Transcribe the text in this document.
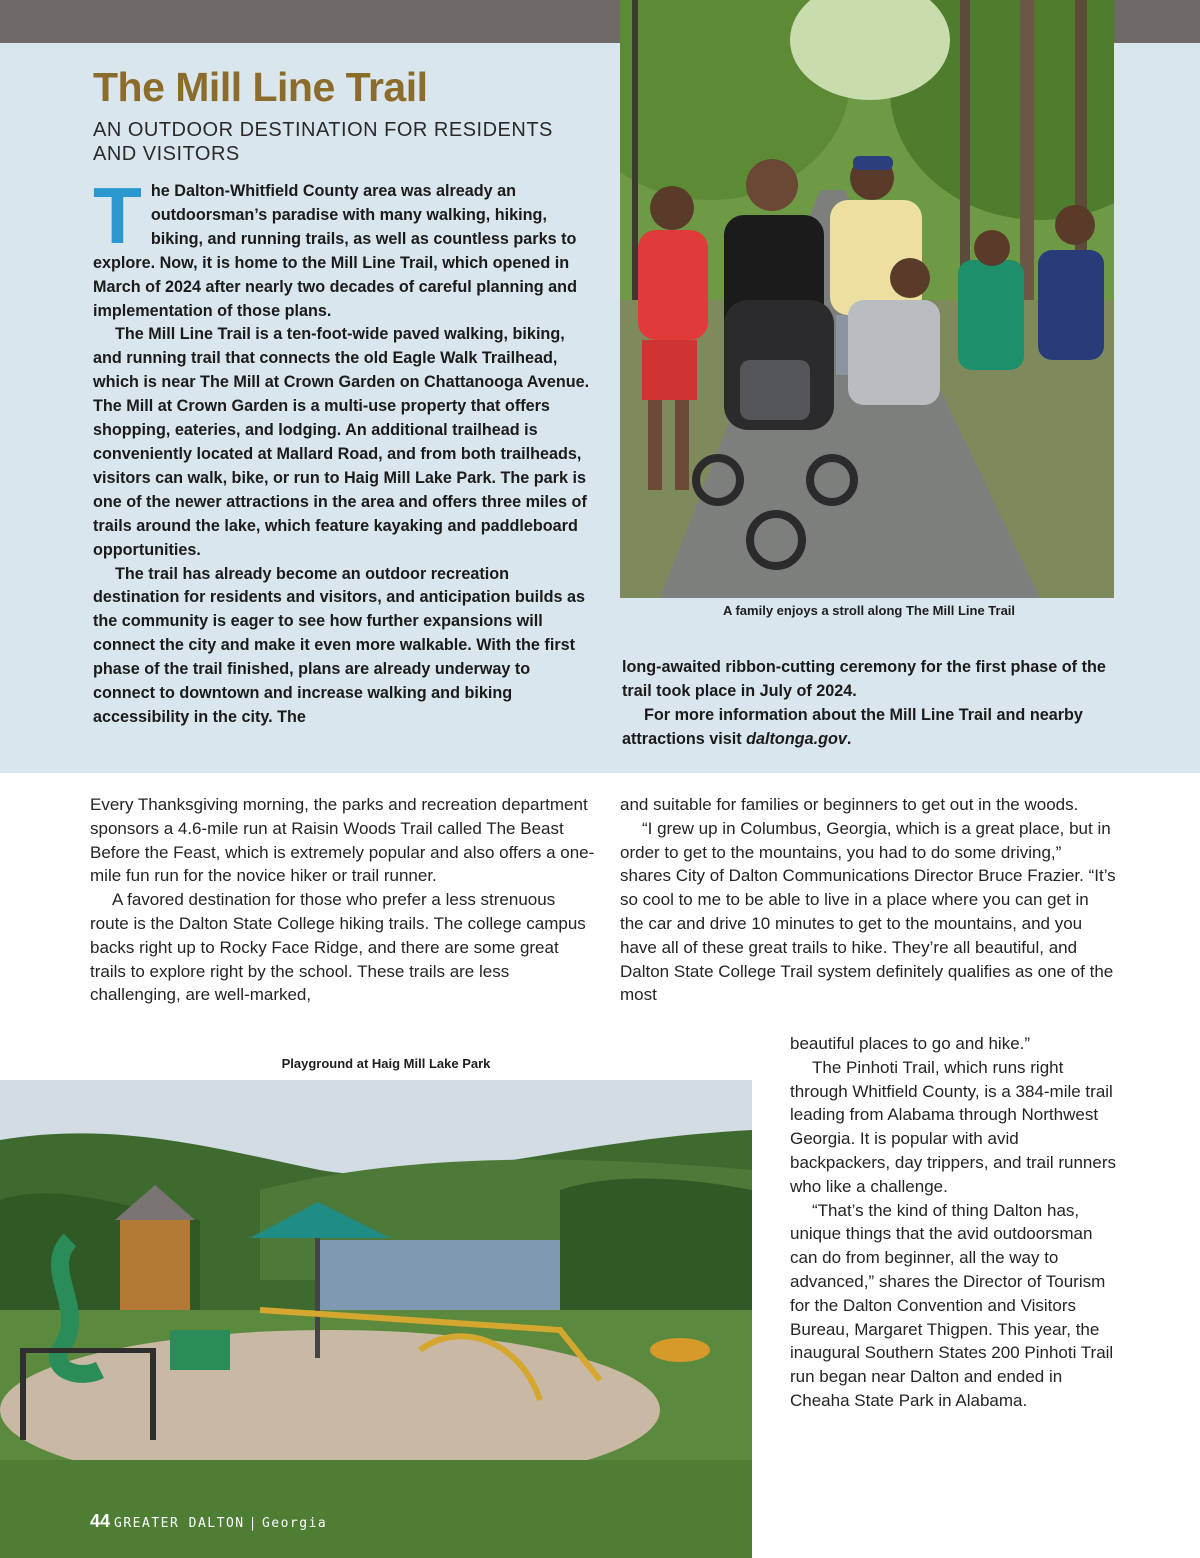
A family enjoys a stroll along The Mill Line Trail
The Mill Line Trail
AN OUTDOOR DESTINATION FOR RESIDENTS AND VISITORS

The Dalton-Whitfield County area was already an outdoorsman’s paradise with many walking, hiking, biking, and running trails, as well as countless parks to explore. Now, it is home to the Mill Line Trail, which opened in March of 2024 after nearly two decades of careful planning and implementation of those plans.

The Mill Line Trail is a ten-foot-wide paved walking, biking, and running trail that connects the old Eagle Walk Trailhead, which is near The Mill at Crown Garden on Chattanooga Avenue. The Mill at Crown Garden is a multi-use property that offers shopping, eateries, and lodging. An additional trailhead is conveniently located at Mallard Road, and from both trailheads, visitors can walk, bike, or run to Haig Mill Lake Park. The park is one of the newer attractions in the area and offers three miles of trails around the lake, which feature kayaking and paddleboard opportunities.

The trail has already become an outdoor recreation destination for residents and visitors, and anticipation builds as the community is eager to see how further expansions will connect the city and make it even more walkable. With the first phase of the trail finished, plans are already underway to connect to downtown and increase walking and biking accessibility in the city. The

long-awaited ribbon-cutting ceremony for the first phase of the trail took place in July of 2024.

For more information about the Mill Line Trail and nearby attractions visit daltonga.gov.

Every Thanksgiving morning, the parks and recreation department sponsors a 4.6-mile run at Raisin Woods Trail called The Beast Before the Feast, which is extremely popular and also offers a one-mile fun run for the novice hiker or trail runner.

A favored destination for those who prefer a less strenuous route is the Dalton State College hiking trails. The college campus backs right up to Rocky Face Ridge, and there are some great trails to explore right by the school. These trails are less challenging, are well-marked,

and suitable for families or beginners to get out in the woods.

“I grew up in Columbus, Georgia, which is a great place, but in order to get to the mountains, you had to do some driving,” shares City of Dalton Communications Director Bruce Frazier. “It’s so cool to me to be able to live in a place where you can get in the car and drive 10 minutes to get to the mountains, and you have all of these great trails to hike. They’re all beautiful, and Dalton State College Trail system definitely qualifies as one of the most

beautiful places to go and hike.”

The Pinhoti Trail, which runs right through Whitfield County, is a 384-mile trail leading from Alabama through Northwest Georgia. It is popular with avid backpackers, day trippers, and trail runners who like a challenge.

“That’s the kind of thing Dalton has, unique things that the avid outdoorsman can do from beginner, all the way to advanced,” shares the Director of Tourism for the Dalton Convention and Visitors Bureau, Margaret Thigpen. This year, the inaugural Southern States 200 Pinhoti Trail run began near Dalton and ended in Cheaha State Park in Alabama.

Playground at Haig Mill Lake Park
44 GREATER DALTON | Georgia
